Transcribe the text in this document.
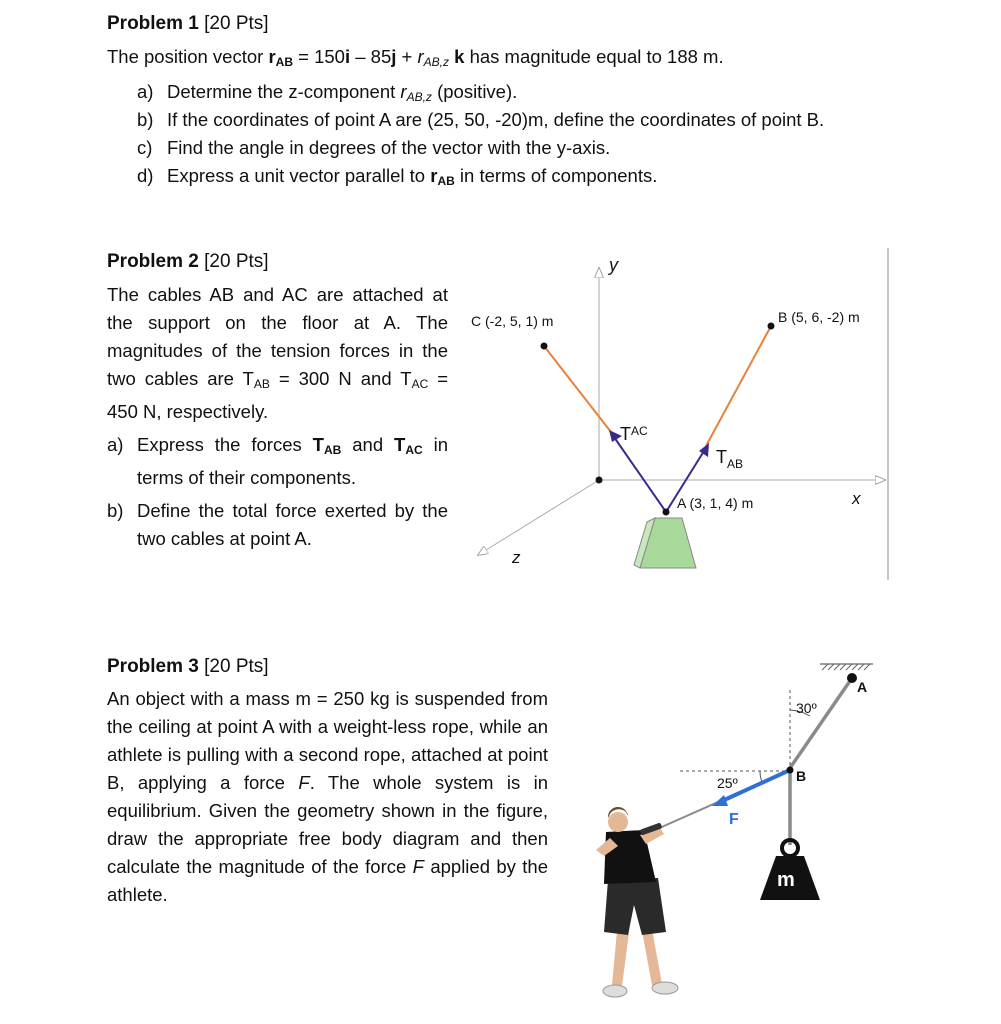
Problem 1 [20 Pts]
The position vector $r_{AB} = 150i - 85j + r_{AB,z}$ k has magnitude equal to 188 m.
a) Determine the z-component $r_{AB,z}$ (positive).
b) If the coordinates of point A are (25, 50, -20)m, define the coordinates of point B.
c) Find the angle in degrees of the vector with the y-axis.
d) Express a unit vector parallel to $r_{AB}$ in terms of components.
Problem 2 [20 Pts]
The cables AB and AC are attached at the support on the floor at A. The magnitudes of the tension forces in the two cables are $T_{AB} = 300$ N and $T_{AC} = 450$ N, respectively.
a) Express the forces $T_{AB}$ and $T_{AC}$ in terms of their components.
b) Define the total force exerted by the two cables at point A.
y
x
z
C (-2, 5, 1) m	B (5, 6, -2) m
A (3, 1, 4) m
$T^{AC}$
$T_{AB}$
Problem 3 [20 Pts]
An object with a mass m = 250 kg is suspended from the ceiling at point A with a weight-less rope, while an athlete is pulling with a second rope, attached at point B, applying a force F. The whole system is in equilibrium. Given the geometry shown in the figure, draw the appropriate free body diagram and then calculate the magnitude of the force F applied by the athlete.
m
A
B
30º
25º
F
